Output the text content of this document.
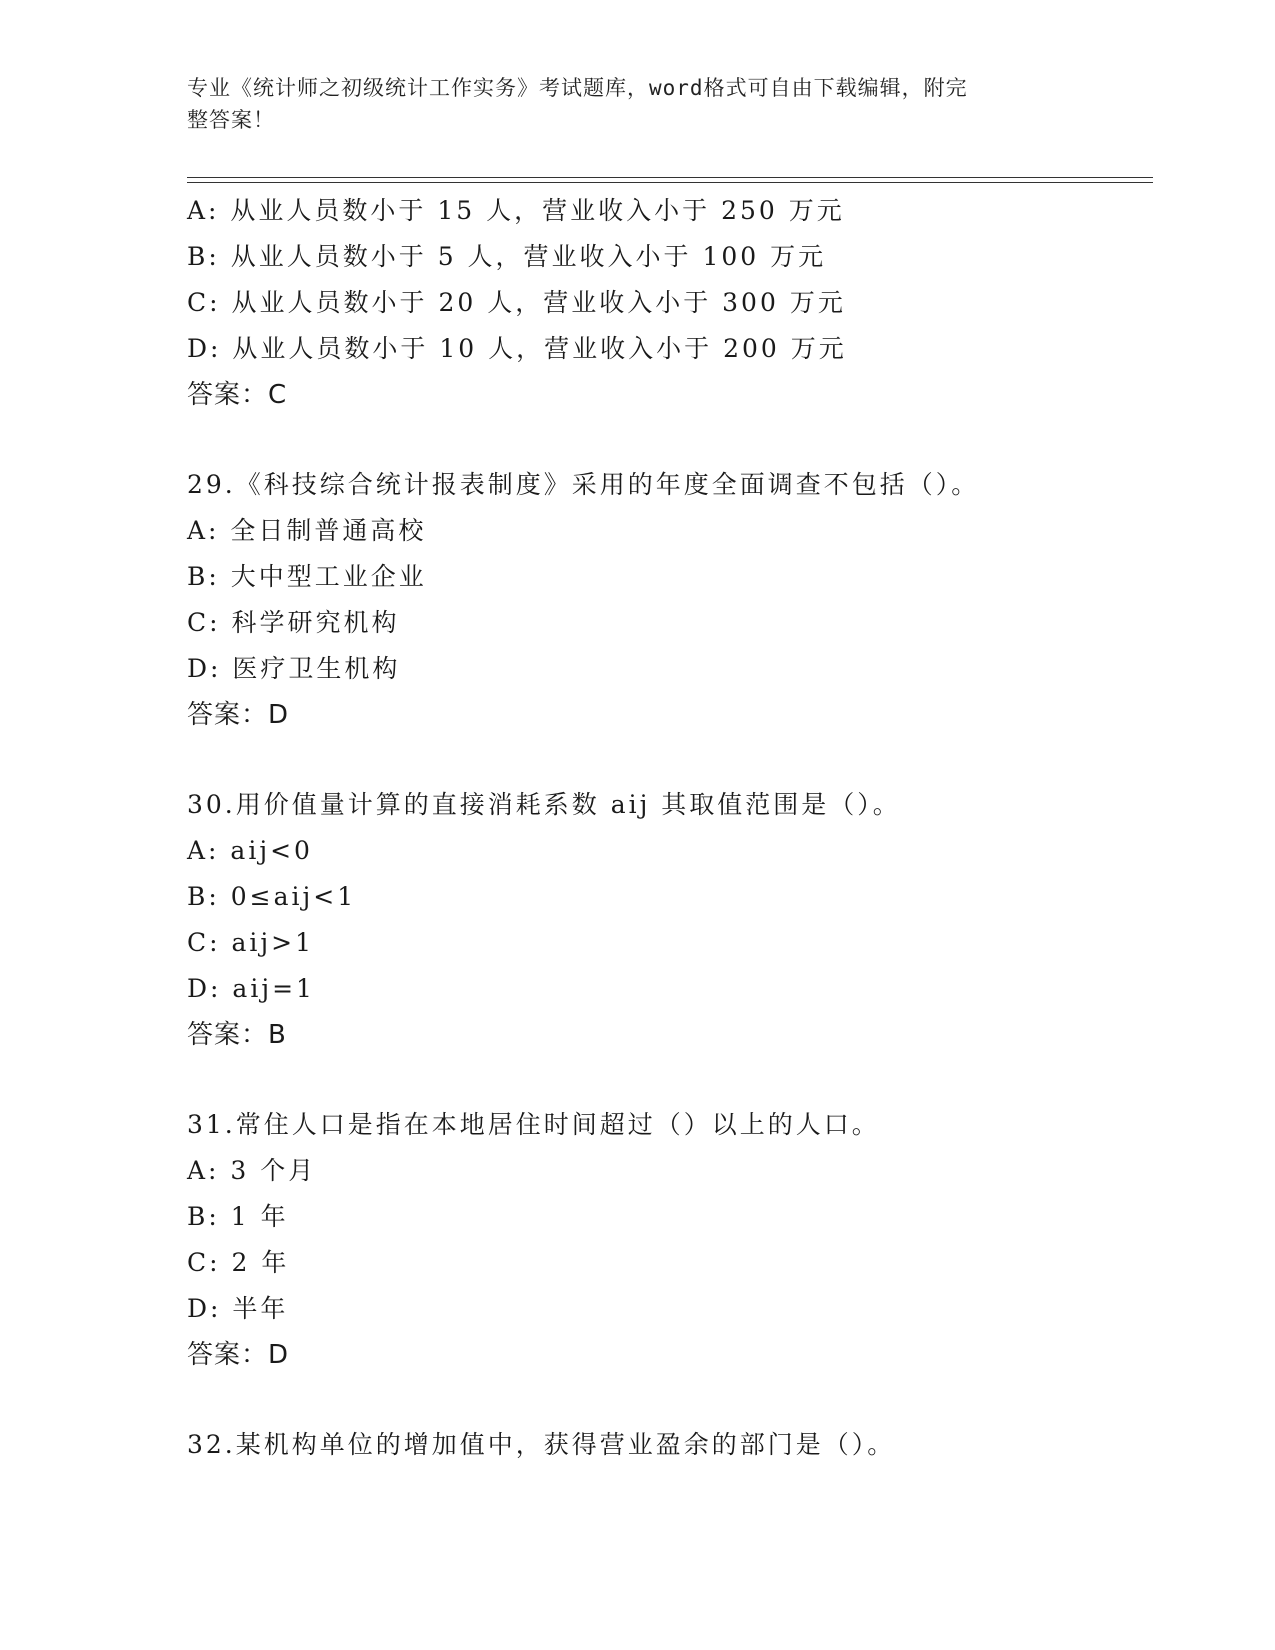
专业《统计师之初级统计工作实务》考试题库，word格式可自由下载编辑，附完
整答案！
A: 从业人员数小于 15 人，营业收入小于 250 万元
B: 从业人员数小于 5 人，营业收入小于 100 万元
C: 从业人员数小于 20 人，营业收入小于 300 万元
D: 从业人员数小于 10 人，营业收入小于 200 万元
答案：C
29.《科技综合统计报表制度》采用的年度全面调查不包括（）。
A: 全日制普通高校
B: 大中型工业企业
C: 科学研究机构
D: 医疗卫生机构
答案：D
30.用价值量计算的直接消耗系数 aij 其取值范围是（）。
A: aij<0
B: 0≤aij<1
C: aij>1
D: aij=1
答案：B
31.常住人口是指在本地居住时间超过（）以上的人口。
A: 3 个月
B: 1 年
C: 2 年
D: 半年
答案：D
32.某机构单位的增加值中，获得营业盈余的部门是（）。
